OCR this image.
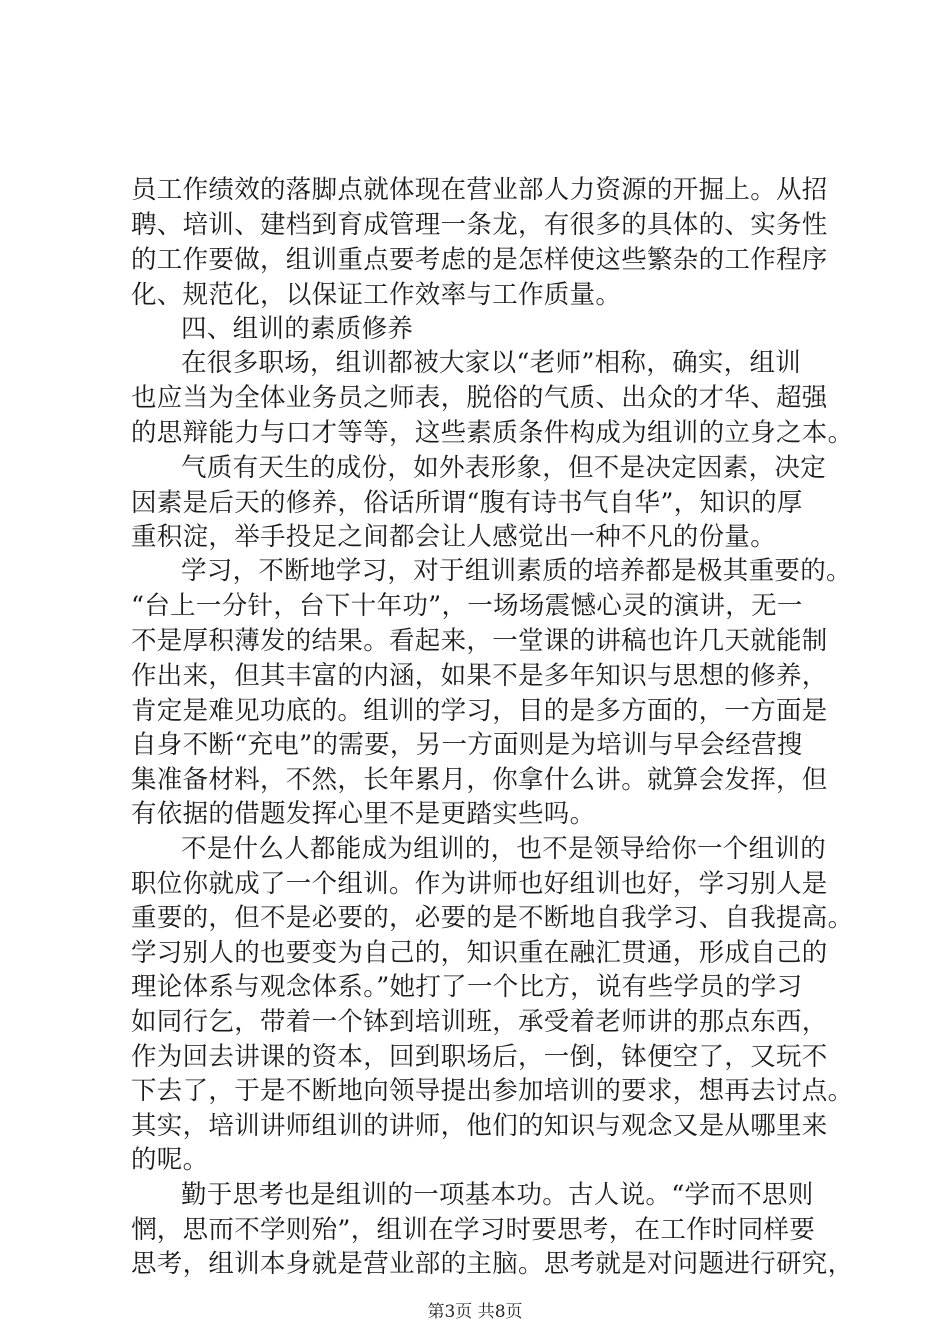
员工作绩效的落脚点就体现在营业部人力资源的开掘上。从招
聘、培训、建档到育成管理一条龙，有很多的具体的、实务性
的工作要做，组训重点要考虑的是怎样使这些繁杂的工作程序
化、规范化，以保证工作效率与工作质量。
四、组训的素质修养
在很多职场，组训都被大家以“老师”相称，确实，组训
也应当为全体业务员之师表，脱俗的气质、出众的才华、超强
的思辩能力与口才等等，这些素质条件构成为组训的立身之本。
气质有天生的成份，如外表形象，但不是决定因素，决定
因素是后天的修养，俗话所谓“腹有诗书气自华”，知识的厚
重积淀，举手投足之间都会让人感觉出一种不凡的份量。
学习，不断地学习，对于组训素质的培养都是极其重要的。
“台上一分针，台下十年功”，一场场震憾心灵的演讲，无一
不是厚积薄发的结果。看起来，一堂课的讲稿也许几天就能制
作出来，但其丰富的内涵，如果不是多年知识与思想的修养，
肯定是难见功底的。组训的学习，目的是多方面的，一方面是
自身不断“充电”的需要，另一方面则是为培训与早会经营搜
集准备材料，不然，长年累月，你拿什么讲。就算会发挥，但
有依据的借题发挥心里不是更踏实些吗。
不是什么人都能成为组训的，也不是领导给你一个组训的
职位你就成了一个组训。作为讲师也好组训也好，学习别人是
重要的，但不是必要的，必要的是不断地自我学习、自我提高。
学习别人的也要变为自己的，知识重在融汇贯通，形成自己的
理论体系与观念体系。”她打了一个比方，说有些学员的学习
如同行乞，带着一个钵到培训班，承受着老师讲的那点东西，
作为回去讲课的资本，回到职场后，一倒，钵便空了，又玩不
下去了，于是不断地向领导提出参加培训的要求，想再去讨点。
其实，培训讲师组训的讲师，他们的知识与观念又是从哪里来
的呢。
勤于思考也是组训的一项基本功。古人说。“学而不思则
惘，思而不学则殆”，组训在学习时要思考，在工作时同样要
思考，组训本身就是营业部的主脑。思考就是对问题进行研究，
第3页 共8页
